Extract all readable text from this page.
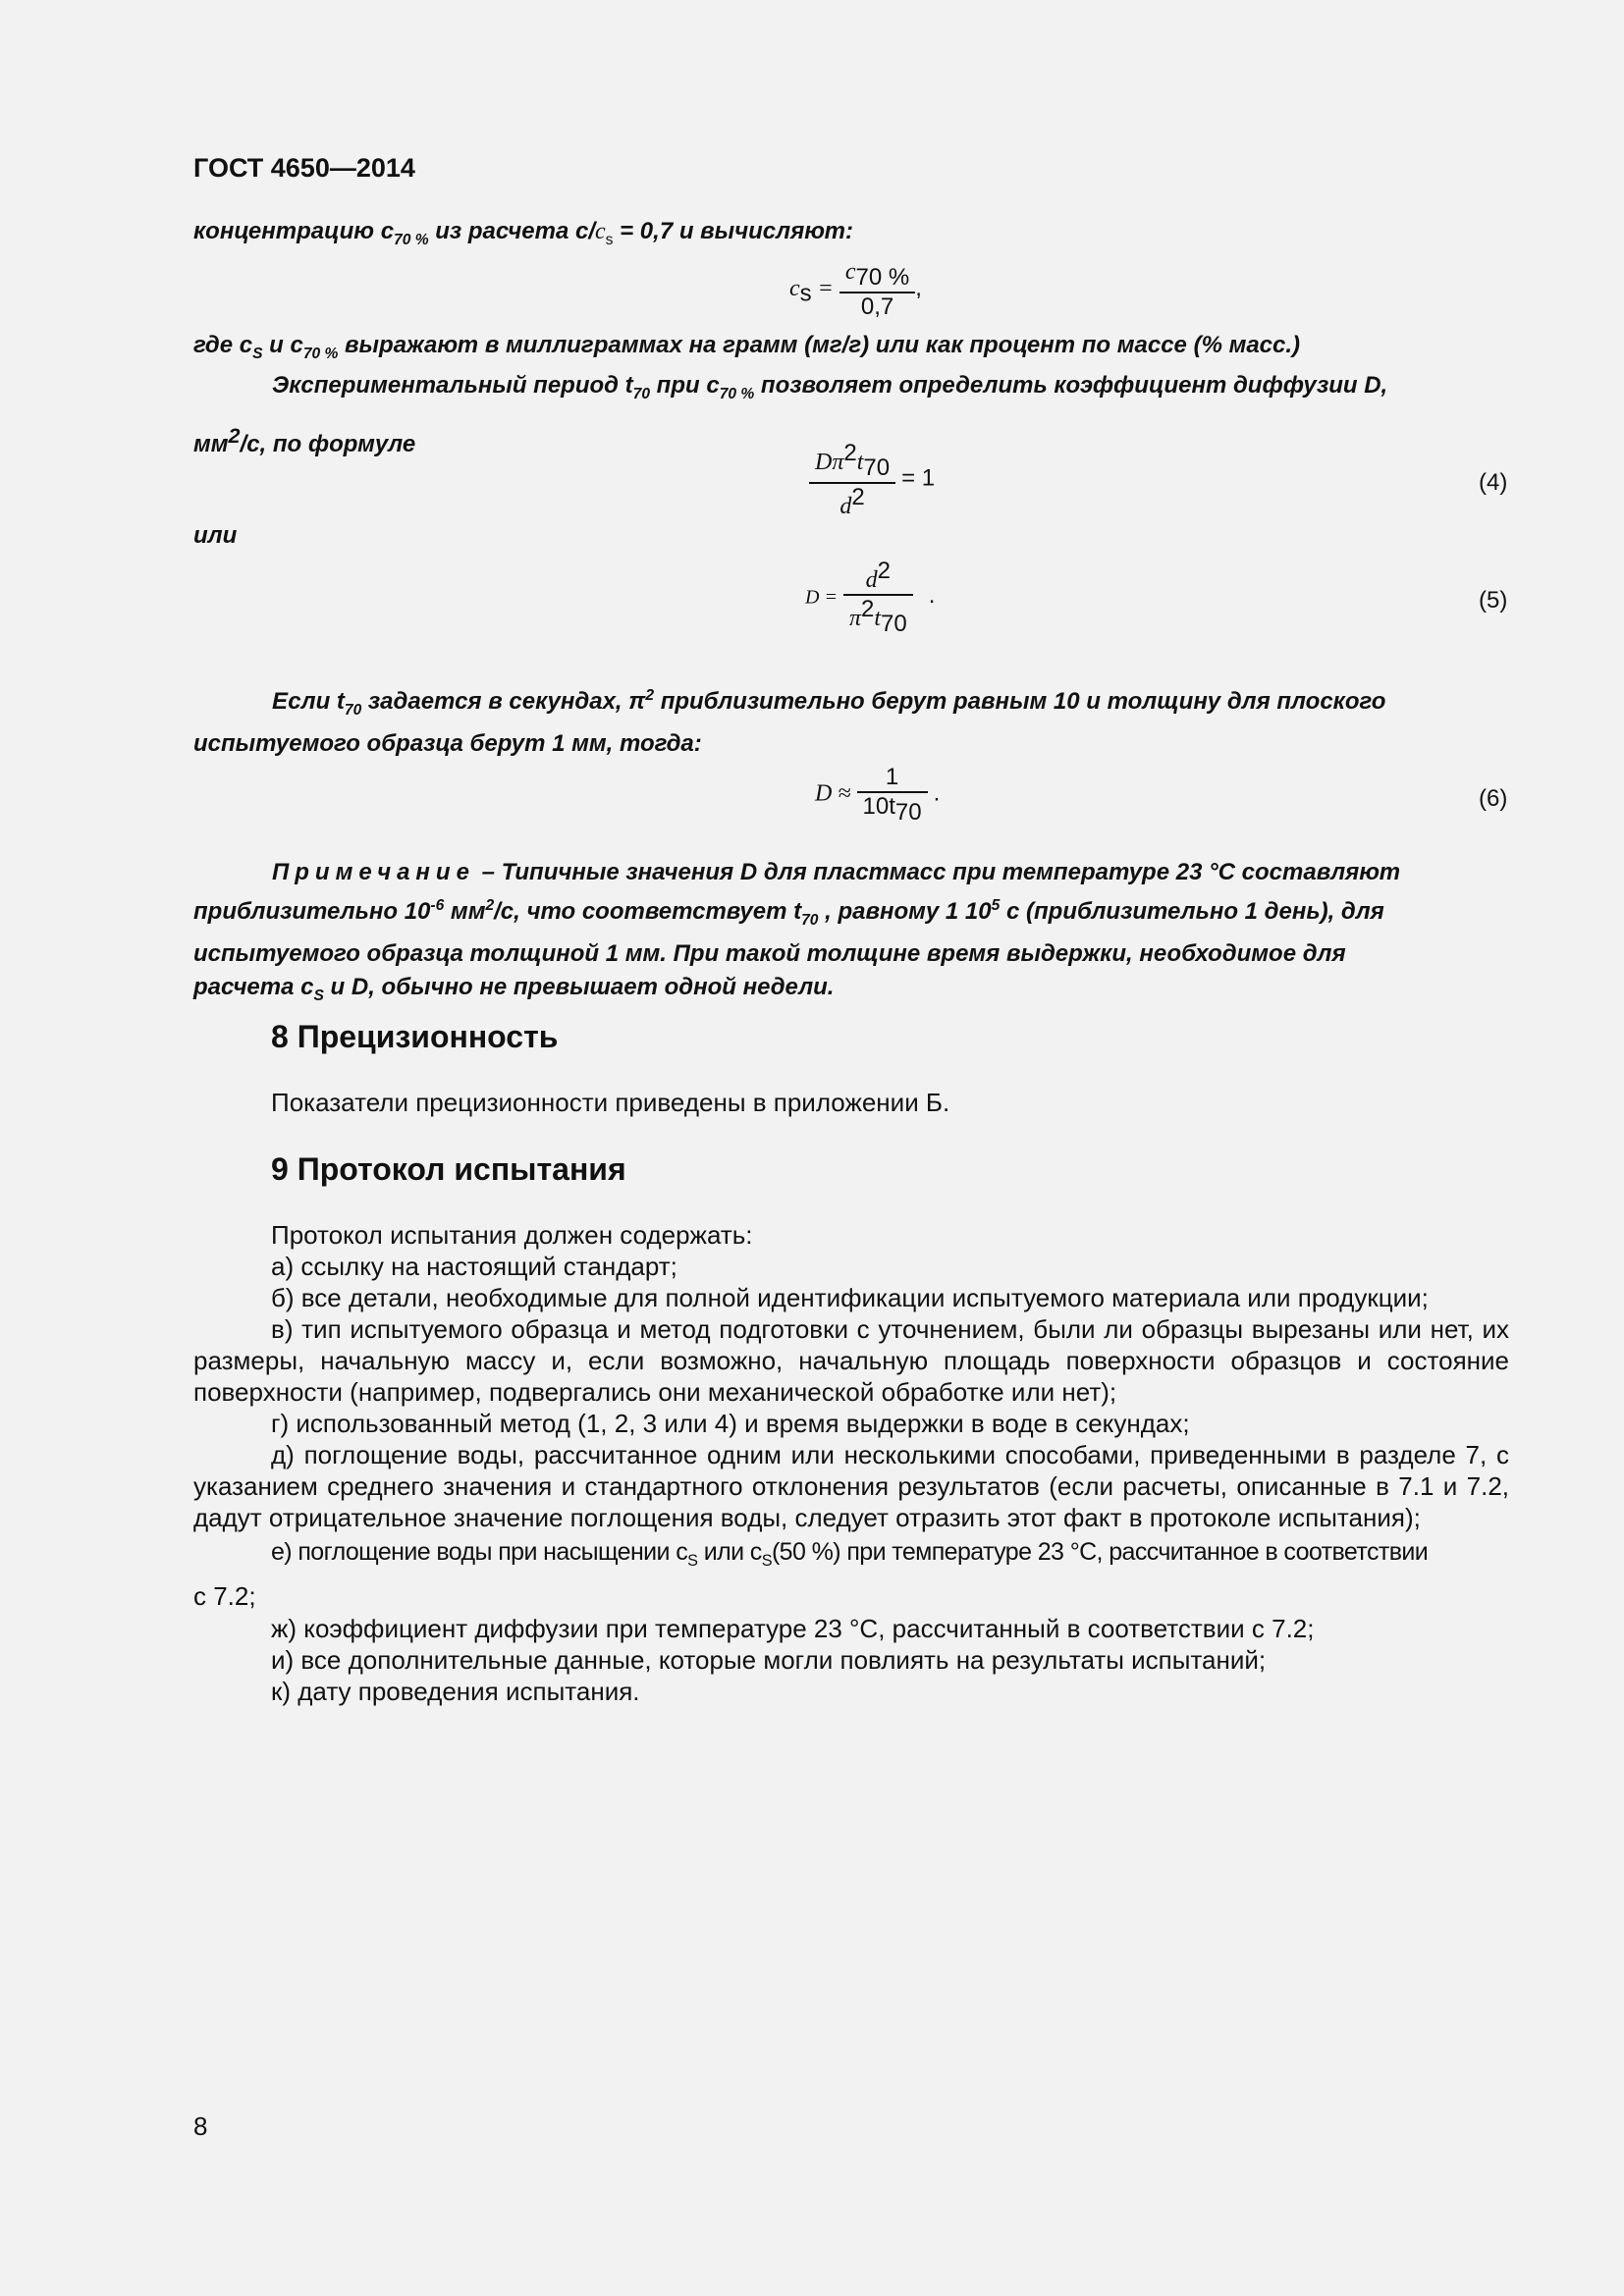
ГОСТ 4650—2014
концентрацию $c_{70 \%}$ из расчета $c/c_s = 0,7$ и вычисляют:
$c_s = \frac{c_{70 \%}}{0,7}$ ,
где $c_S$ и $c_{70 \%}$ выражают в миллиграммах на грамм (мг/г) или как процент по массе (% масс.)
Экспериментальный период $t_{70}$ при $c_{70 \%}$ позволяет определить коэффициент диффузии D,
$мм^2/с$, по формуле	$\frac{D\pi^2t_{70}}{d^2} = 1$	(4)
или
$D = \frac{d^2}{\pi^2t_{70}}$ .	(5)
Если $t_{70}$ задается в секундах, $\pi^2$ приблизительно берут равным 10 и толщину для плоского
испытуемого образца берут 1 мм, тогда:
$D \approx \frac{1}{10t_{70}}$ .	(6)
Примечание – Типичные значения D для пластмасс при температуре 23 °C составляют
приблизительно $10^{-6}$ $мм^2/с$, что соответствует $t_{70}$ , равному 1 $10^5$ с (приблизительно 1 день), для
испытуемого образца толщиной 1 мм. При такой толщине время выдержки, необходимое для
расчета $c_S$ и D, обычно не превышает одной недели.
8 Прецизионность
Показатели прецизионности приведены в приложении Б.
9 Протокол испытания
Протокол испытания должен содержать:
а) ссылку на настоящий стандарт;
б) все детали, необходимые для полной идентификации испытуемого материала или продукции;
в) тип испытуемого образца и метод подготовки с уточнением, были ли образцы вырезаны или нет, их размеры, начальную массу и, если возможно, начальную площадь поверхности образцов и состояние поверхности (например, подвергались они механической обработке или нет);
г) использованный метод (1, 2, 3 или 4) и время выдержки в воде в секундах;
д) поглощение воды, рассчитанное одним или несколькими способами, приведенными в разделе 7, с указанием среднего значения и стандартного отклонения результатов (если расчеты, описанные в 7.1 и 7.2, дадут отрицательное значение поглощения воды, следует отразить этот факт в протоколе испытания);
е) поглощение воды при насыщении $c_S$ или $c_S(50$ %) при температуре 23 °C, рассчитанное в соответствии
с 7.2;
ж) коэффициент диффузии при температуре 23 °C, рассчитанный в соответствии с 7.2;
и) все дополнительные данные, которые могли повлиять на результаты испытаний;
к) дату проведения испытания.
8
